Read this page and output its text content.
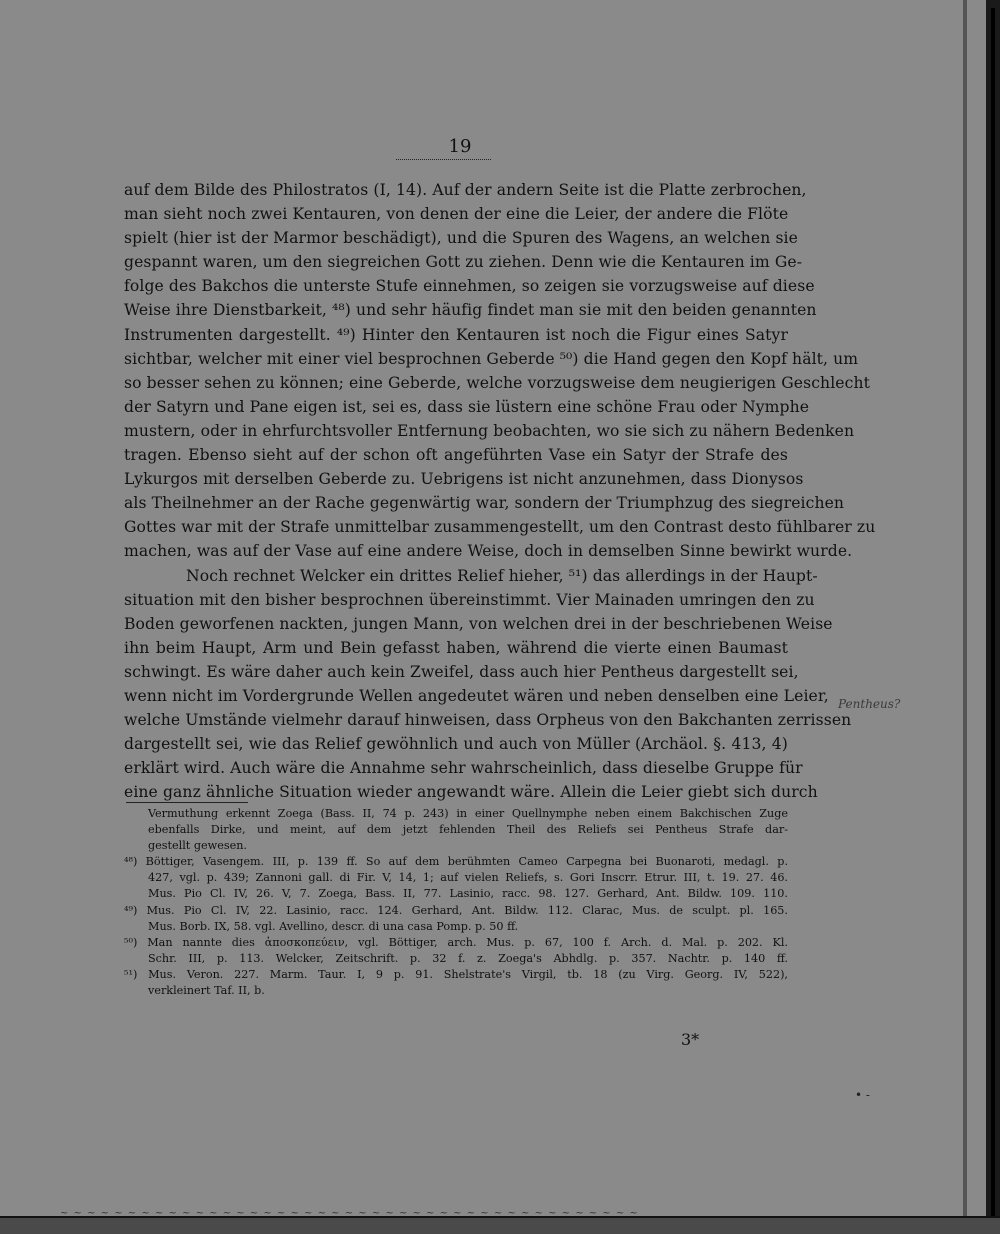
19
auf dem Bilde des Philostratos (I, 14). Auf der andern Seite ist die Platte zerbrochen,
man sieht noch zwei Kentauren, von denen der eine die Leier, der andere die Flöte
spielt (hier ist der Marmor beschädigt), und die Spuren des Wagens, an welchen sie
gespannt waren, um den siegreichen Gott zu ziehen. Denn wie die Kentauren im Ge-
folge des Bakchos die unterste Stufe einnehmen, so zeigen sie vorzugsweise auf diese
Weise ihre Dienstbarkeit, ⁴⁸) und sehr häufig findet man sie mit den beiden genannten
Instrumenten dargestellt. ⁴⁹) Hinter den Kentauren ist noch die Figur eines Satyr
sichtbar, welcher mit einer viel besprochnen Geberde ⁵⁰) die Hand gegen den Kopf hält, um
so besser sehen zu können; eine Geberde, welche vorzugsweise dem neugierigen Geschlecht
der Satyrn und Pane eigen ist, sei es, dass sie lüstern eine schöne Frau oder Nymphe
mustern, oder in ehrfurchtsvoller Entfernung beobachten, wo sie sich zu nähern Bedenken
tragen. Ebenso sieht auf der schon oft angeführten Vase ein Satyr der Strafe des
Lykurgos mit derselben Geberde zu. Uebrigens ist nicht anzunehmen, dass Dionysos
als Theilnehmer an der Rache gegenwärtig war, sondern der Triumphzug des siegreichen
Gottes war mit der Strafe unmittelbar zusammengestellt, um den Contrast desto fühlbarer zu
machen, was auf der Vase auf eine andere Weise, doch in demselben Sinne bewirkt wurde.
Noch rechnet Welcker ein drittes Relief hieher, ⁵¹) das allerdings in der Haupt-
situation mit den bisher besprochnen übereinstimmt. Vier Mainaden umringen den zu
Boden geworfenen nackten, jungen Mann, von welchen drei in der beschriebenen Weise
ihn beim Haupt, Arm und Bein gefasst haben, während die vierte einen Baumast
schwingt. Es wäre daher auch kein Zweifel, dass auch hier Pentheus dargestellt sei,
wenn nicht im Vordergrunde Wellen angedeutet wären und neben denselben eine Leier,
welche Umstände vielmehr darauf hinweisen, dass Orpheus von den Bakchanten zerrissen
dargestellt sei, wie das Relief gewöhnlich und auch von Müller (Archäol. §. 413, 4)
erklärt wird. Auch wäre die Annahme sehr wahrscheinlich, dass dieselbe Gruppe für
eine ganz ähnliche Situation wieder angewandt wäre. Allein die Leier giebt sich durch
Vermuthung erkennt Zoega (Bass. II, 74 p. 243) in einer Quellnymphe neben einem Bakchischen Zuge
ebenfalls Dirke, und meint, auf dem jetzt fehlenden Theil des Reliefs sei Pentheus Strafe dar-
gestellt gewesen.
⁴⁸) Böttiger, Vasengem. III, p. 139 ff. So auf dem berühmten Cameo Carpegna bei Buonaroti, medagl. p.
427, vgl. p. 439; Zannoni gall. di Fir. V, 14, 1; auf vielen Reliefs, s. Gori Inscrr. Etrur. III, t. 19. 27. 46.
Mus. Pio Cl. IV, 26. V, 7. Zoega, Bass. II, 77. Lasinio, racc. 98. 127. Gerhard, Ant. Bildw. 109. 110.
⁴⁹) Mus. Pio Cl. IV, 22. Lasinio, racc. 124. Gerhard, Ant. Bildw. 112. Clarac, Mus. de sculpt. pl. 165.
Mus. Borb. IX, 58. vgl. Avellino, descr. di una casa Pomp. p. 50 ff.
⁵⁰) Man nannte dies ἀποσκοπεύειν, vgl. Böttiger, arch. Mus. p. 67, 100 f. Arch. d. Mal. p. 202. Kl.
Schr. III, p. 113. Welcker, Zeitschrift. p. 32 f. z. Zoega's Abhdlg. p. 357. Nachtr. p. 140 ff.
⁵¹) Mus. Veron. 227. Marm. Taur. I, 9 p. 91. Shelstrate's Virgil, tb. 18 (zu Virg. Georg. IV, 522),
verkleinert Taf. II, b.
3*
Pentheus?
• -
~ ~ ~ ~ ~ ~ ~ ~ ~ ~ ~ ~ ~ ~ ~ ~ ~ ~ ~ ~ ~ ~ ~ ~ ~ ~ ~ ~ ~ ~ ~ ~ ~ ~ ~ ~ ~ ~ ~ ~ ~ ~ ~
